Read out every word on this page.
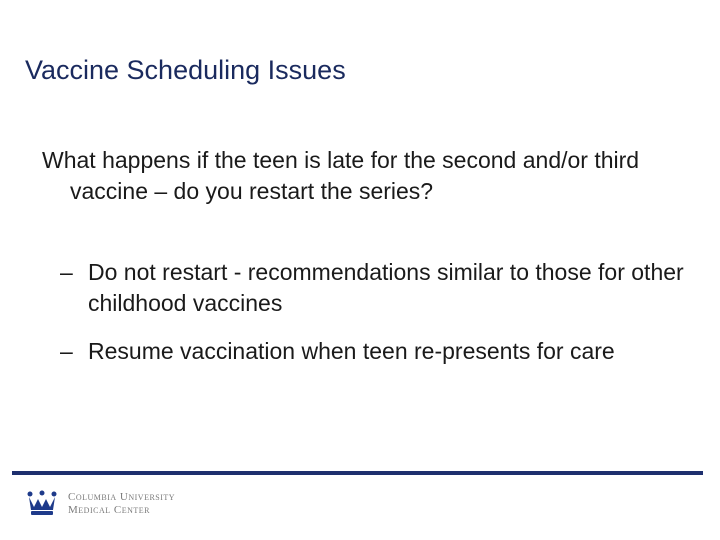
Vaccine Scheduling Issues
What happens if the teen is late for the second and/or third vaccine – do you restart the series?
– Do not restart - recommendations similar to those for other childhood vaccines
– Resume vaccination when teen re-presents for care
Columbia University
Medical Center
